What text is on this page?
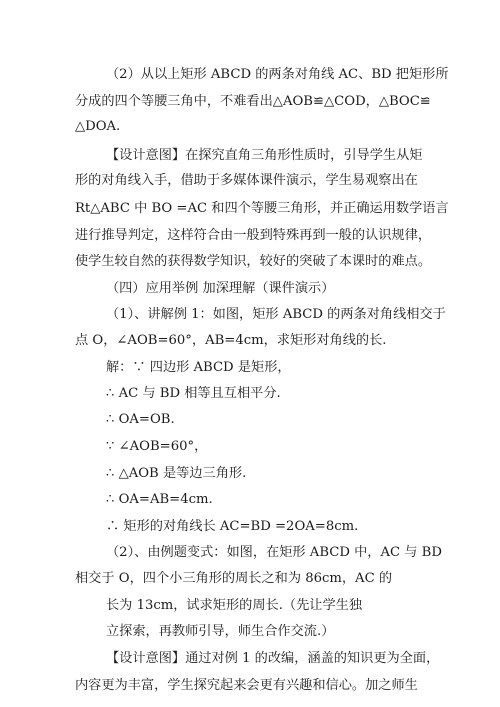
（2）从以上矩形 ABCD 的两条对角线 AC、BD 把矩形所
分成的四个等腰三角中，不难看出△AOB≌△COD，△BOC≌
△DOA.
【设计意图】在探究直角三角形性质时，引导学生从矩
形的对角线入手，借助于多媒体课件演示，学生易观察出在
Rt△ABC 中 BO =AC 和四个等腰三角形，并正确运用数学语言
进行推导判定，这样符合由一般到特殊再到一般的认识规律，
使学生较自然的获得数学知识，较好的突破了本课时的难点。
（四）应用举例 加深理解（课件演示）
（1）、讲解例 1：如图，矩形 ABCD 的两条对角线相交于
点 O，∠AOB=60°，AB=4cm，求矩形对角线的长.
解：∵ 四边形 ABCD 是矩形，
∴ AC 与 BD 相等且互相平分.
∴ OA=OB.
∵ ∠AOB=60°，
∴ △AOB 是等边三角形.
∴ OA=AB=4cm.
∴ 矩形的对角线长 AC=BD =2OA=8cm.
（2）、由例题变式：如图，在矩形 ABCD 中，AC 与 BD
相交于 O，四个小三角形的周长之和为 86cm，AC 的
长为 13cm，试求矩形的周长.（先让学生独
立探索，再教师引导，师生合作交流.）
【设计意图】通过对例 1 的改编，涵盖的知识更为全面，
内容更为丰富，学生探究起来会更有兴趣和信心。加之师生
